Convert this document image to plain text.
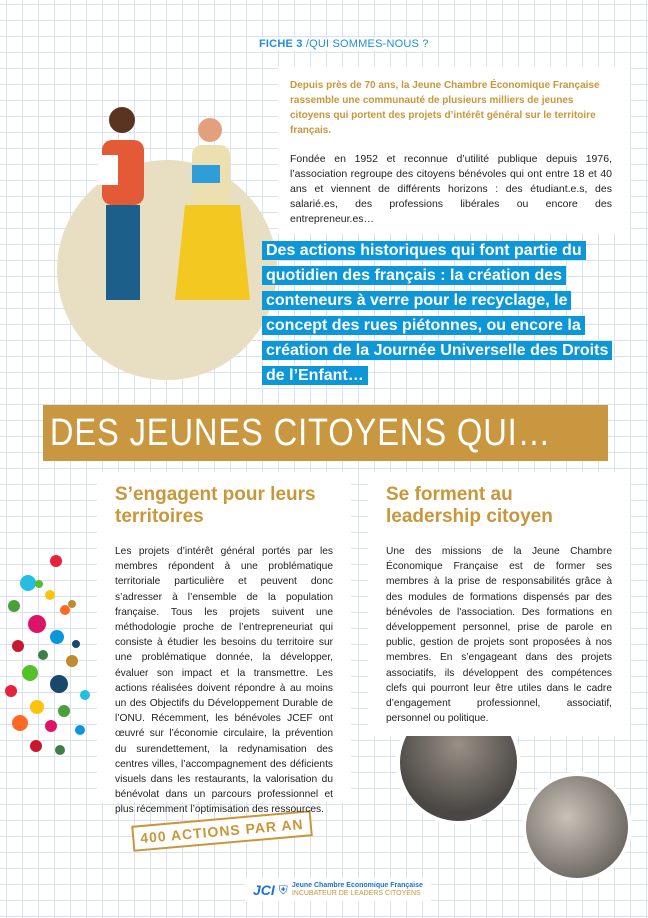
FICHE 3 /QUI SOMMES-NOUS ?

Depuis près de 70 ans, la Jeune Chambre Économique Française rassemble une communauté de plusieurs milliers de jeunes citoyens qui portent des projets d’intérêt général sur le territoire français.

Fondée en 1952 et reconnue d’utilité publique depuis 1976, l’association regroupe des citoyens bénévoles qui ont entre 18 et 40 ans et viennent de différents horizons : des étudiant.e.s, des salarié.es, des professions libérales ou encore des entrepreneur.es…

Des actions historiques qui font partie du quotidien des français : la création des conteneurs à verre pour le recyclage, le concept des rues piétonnes, ou encore la création de la Journée Universelle des Droits de l’Enfant…
DES JEUNES CITOYENS QUI…
S’engagent pour leurs territoires

Les projets d’intérêt général portés par les membres répondent à une problématique territoriale particulière et peuvent donc s’adresser à l’ensemble de la population française. Tous les projets suivent une méthodologie proche de l’entrepreneuriat qui consiste à étudier les besoins du territoire sur une problématique donnée, la développer, évaluer son impact et la transmettre. Les actions réalisées doivent répondre à au moins un des Objectifs du Développement Durable de l’ONU. Récemment, les bénévoles JCEF ont œuvré sur l’économie circulaire, la prévention du surendettement, la redynamisation des centres villes, l’accompagnement des déficients visuels dans les restaurants, la valorisation du bénévolat dans un parcours professionnel et plus récemment l’optimisation des ressources.

Se forment au leadership citoyen

Une des missions de la Jeune Chambre Économique Française est de former ses membres à la prise de responsabilités grâce à des modules de formations dispensés par des bénévoles de l'association. Des formations en développement personnel, prise de parole en public, gestion de projets sont proposées à nos membres. En s’engageant dans des projets associatifs, ils développent des compétences clefs qui pourront leur être utiles dans le cadre d’engagement professionnel, associatif, personnel ou politique.

400 ACTIONS PAR AN
JCI ⛨ Jeune Chambre Economique Française
INCUBATEUR DE LEADERS CITOYENS
